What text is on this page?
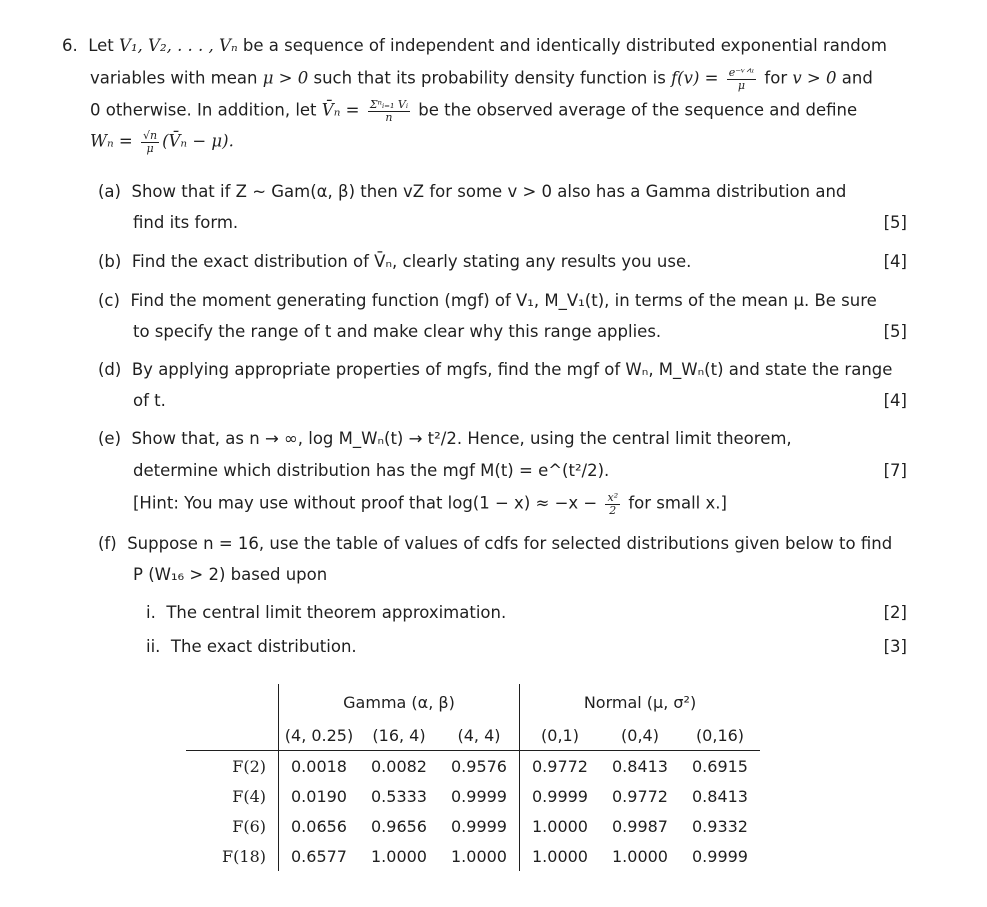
6. Let V₁, V₂, . . . , Vₙ be a sequence of independent and identically distributed exponential random
variables with mean μ > 0 such that its probability density function is $f(v) = \frac{\text{e⁻ᵛᐟᵘ}}{\mu}$ for v > 0 and
0 otherwise. In addition, let V̄ₙ = $\frac{\text{Σⁿᵢ₌₁ Vᵢ}}{n}$ be the observed average of the sequence and define
$W_n = \frac{√n}{\mu}$ (V̄ₙ − μ).
(a) Show that if Z ~ Gam(α, β) then vZ for some v > 0 also has a Gamma distribution and
find its form.	[5]
(b) Find the exact distribution of V̄ₙ, clearly stating any results you use.	[4]
(c) Find the moment generating function (mgf) of V₁, M_V₁(t), in terms of the mean μ. Be sure
to specify the range of t and make clear why this range applies.	[5]
(d) By applying appropriate properties of mgfs, find the mgf of Wₙ, M_Wₙ(t) and state the range
of t.	[4]
(e) Show that, as n → ∞, log M_Wₙ(t) → t²/2. Hence, using the central limit theorem,
determine which distribution has the mgf M(t) = e^(t²/2).	[7]
[Hint: You may use without proof that $\log(1 - x) \approx -x - \frac{\text{x²}}{2}$ for small x.]
(f) Suppose n = 16, use the table of values of cdfs for selected distributions given below to find
P (W₁₆ > 2) based upon
i. The central limit theorem approximation.	[2]
ii. The exact distribution.	[3]
	Gamma (α, β)			Normal (μ, σ²)		
	(4, 0.25)	(16, 4)	(4, 4)	(0,1)	(0,4)	(0,16)
F(2)	0.0018	0.0082	0.9576	0.9772	0.8413	0.6915
F(4)	0.0190	0.5333	0.9999	0.9999	0.9772	0.8413
F(6)	0.0656	0.9656	0.9999	1.0000	0.9987	0.9332
F(18)	0.6577	1.0000	1.0000	1.0000	1.0000	0.9999
